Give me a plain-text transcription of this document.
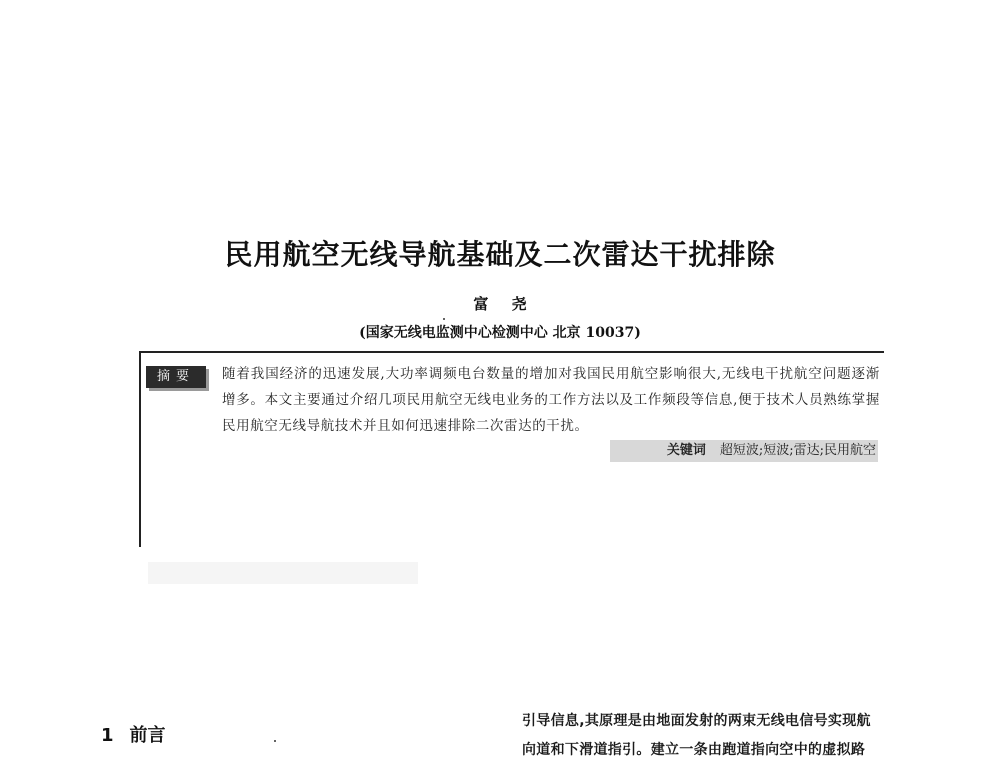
民用航空无线导航基础及二次雷达干扰排除
富 尧
(国家无线电监测中心检测中心 北京 10037)
摘要	随着我国经济的迅速发展,大功率调频电台数量的增加对我国民用航空影响很大,无线电干扰航空问题逐渐增多。本文主要通过介绍几项民用航空无线电业务的工作方法以及工作频段等信息,便于技术人员熟练掌握民用航空无线导航技术并且如何迅速排除二次雷达的干扰。
关键词 超短波;短波;雷达;民用航空
1 前言
引导信息,其原理是由地面发射的两束无线电信号实现航
向道和下滑道指引。建立一条由跑道指向空中的虚拟路
